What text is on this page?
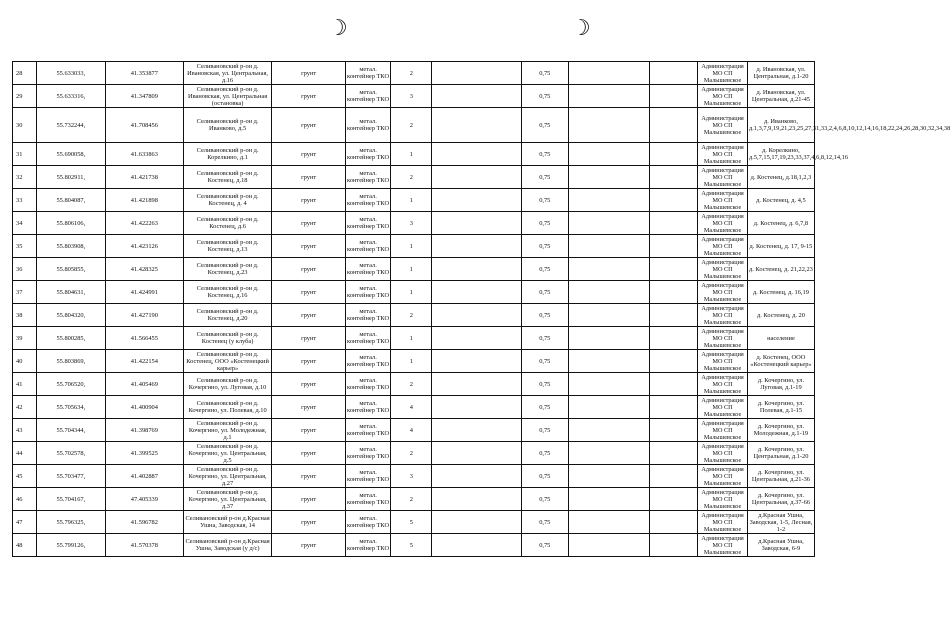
☽	☽
28	55.633033,	41.353877	Селивановский р-он д. Ивановская, ул. Центральная, д.16	грунт	метал. контейнер ТКО	2		0,75			Администрация МО СП Малышевское	д. Ивановская, ул. Центральная, д.1-20
29	55.633316,	41.347809	Селивановский р-он д. Ивановская, ул. Центральная (остановка)	грунт	метал. контейнер ТКО	3		0,75			Администрация МО СП Малышевское	д. Ивановская, ул. Центральная, д.21-45
30	55.732244,	41.708456	Селивановский р-он д. Иванково, д.5	грунт	метал. контейнер ТКО	2		0,75			Администрация МО СП Малышевское	д. Иванково, д.1,3,7,9,19,21,23,25,27,31,33,2,4,6,8,10,12,14,16,18,22,24,26,28,30,32,34,38
31	55.690058,	41.633863	Селивановский р-он д. Корелкино, д.1	грунт	метал. контейнер ТКО	1		0,75			Администрация МО СП Малышевское	д. Корелкино, д.5,7,15,17,19,23,33,37,4,6,8,12,14,16
32	55.802911,	41.421738	Селивановский р-он д. Костенец, д.18	грунт	метал. контейнер ТКО	2		0,75			Администрация МО СП Малышевское	д. Костенец, д.18,1,2,3
33	55.804087,	41.421898	Селивановский р-он д. Костенец, д. 4	грунт	метал. контейнер ТКО	1		0,75			Администрация МО СП Малышевское	д. Костенец, д. 4,5
34	55.806106,	41.422263	Селивановский р-он д. Костенец, д.6	грунт	метал. контейнер ТКО	3		0,75			Администрация МО СП Малышевское	д. Костенец, д. 6,7,8
35	55.803908,	41.423126	Селивановский р-он д. Костенец, д.13	грунт	метал. контейнер ТКО	1		0,75			Администрация МО СП Малышевское	д. Костенец, д. 17, 9-15
36	55.805855,	41.428325	Селивановский р-он д. Костенец, д.23	грунт	метал. контейнер ТКО	1		0,75			Администрация МО СП Малышевское	д. Костенец, д. 21,22,23
37	55.804631,	41.424991	Селивановский р-он д. Костенец, д.16	грунт	метал. контейнер ТКО	1		0,75			Администрация МО СП Малышевское	д. Костенец, д. 16,19
38	55.804320,	41.427190	Селивановский р-он д. Костенец, д.20	грунт	метал. контейнер ТКО	2		0,75			Администрация МО СП Малышевское	д. Костенец, д. 20
39	55.800285,	41.566455	Селивановский р-он д. Костенец (у клуба)	грунт	метал. контейнер ТКО	1		0,75			Администрация МО СП Малышевское	население
40	55.803869,	41.422154	Селивановский р-он д. Костенец, ООО «Костенецкий карьер»	грунт	метал. контейнер ТКО	1		0,75			Администрация МО СП Малышевское	д. Костенец, ООО «Костенецкий карьер»
41	55.706520,	41.405469	Селивановский р-он д. Кочергино, ул. Луговая, д.10	грунт	метал. контейнер ТКО	2		0,75			Администрация МО СП Малышевское	д. Кочергино, ул. Луговая, д.1-19
42	55.705634,	41.400904	Селивановский р-он д. Кочергино, ул. Полевая, д.10	грунт	метал. контейнер ТКО	4		0,75			Администрация МО СП Малышевское	д. Кочергино, ул. Полевая, д.1-15
43	55.704344,	41.398769	Селивановский р-он д. Кочергино, ул. Молодежная, д.1	грунт	метал. контейнер ТКО	4		0,75			Администрация МО СП Малышевское	д. Кочергино, ул. Молодежная, д.1-19
44	55.702578,	41.399525	Селивановский р-он д. Кочергино, ул. Центральная, д.5	грунт	метал. контейнер ТКО	2		0,75			Администрация МО СП Малышевское	д. Кочергино, ул. Центральная, д.1-20
45	55.703477,	41.402887	Селивановский р-он д. Кочергино, ул. Центральная, д.27	грунт	метал. контейнер ТКО	3		0,75			Администрация МО СП Малышевское	д. Кочергино, ул. Центральная, д.21-36
46	55.704167,	47.405339	Селивановский р-он д. Кочергино, ул. Центральная, д.37	грунт	метал. контейнер ТКО	2		0,75			Администрация МО СП Малышевское	д. Кочергино, ул. Центральная, д.37-66
47	55.796325,	41.596782	Селивановский р-он д.Красная Ушна, Заводская, 14	грунт	метал. контейнер ТКО	5		0,75			Администрация МО СП Малышевское	д.Красная Ушна, Заводская, 1-5, Лесная, 1-2
48	55.799126,	41.570378	Селивановский р-он д.Красная Ушна, Заводская (у д/с)	грунт	метал. контейнер ТКО	5		0,75			Администрация МО СП Малышевское	д.Красная Ушна, Заводская, 6-9
